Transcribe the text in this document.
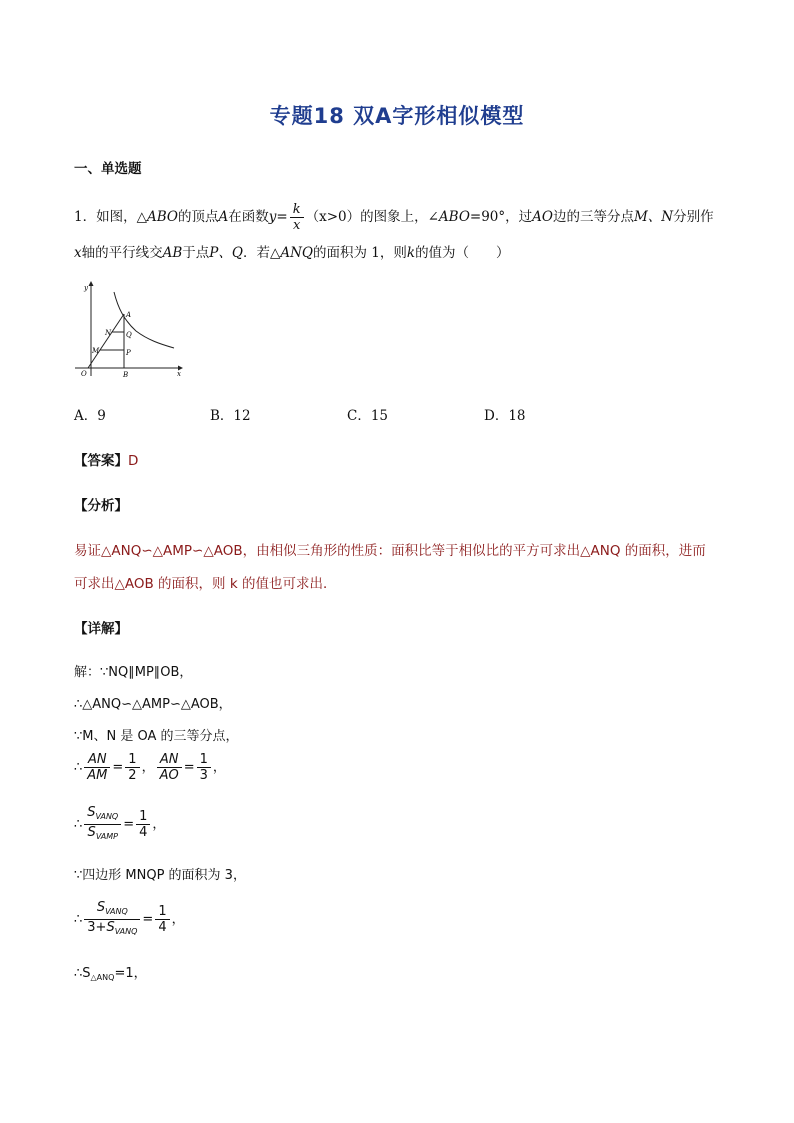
专题18 双A字形相似模型
一、单选题
1．如图，△ABO的顶点A在函数$y= \frac{k}{x} (x>0)$的图象上，∠ABO=90°，过AO边的三等分点M、N分别作
x轴的平行线交AB于点P、Q．若△ANQ的面积为 1，则k的值为（　　）
y
x
O	B
A
N
M
Q
P
A．9	B．12	C．15	D．18
【答案】D
【分析】
易证△ANQ∽△AMP∽△AOB，由相似三角形的性质：面积比等于相似比的平方可求出△ANQ 的面积，进而
可求出△AOB 的面积，则 k 的值也可求出．
【详解】
解：∵NQ∥MP∥OB，
∴△ANQ∽△AMP∽△AOB，
∵M、N 是 OA 的三等分点，
∴ $\frac{AN}{AM} = \frac{1}{2}$ ， $\frac{AN}{AO} = \frac{1}{3}$ ，
∴ $\frac{S_{VANQ}}{S_{VAMP}} = \frac{1}{4}$ ，
∵四边形 MNQP 的面积为 3，
∴ $\frac{S_{VANQ}}{3+S_{VANQ}} = \frac{1}{4}$ ，
$\therefore S_{\triangle ANQ}=1$，
